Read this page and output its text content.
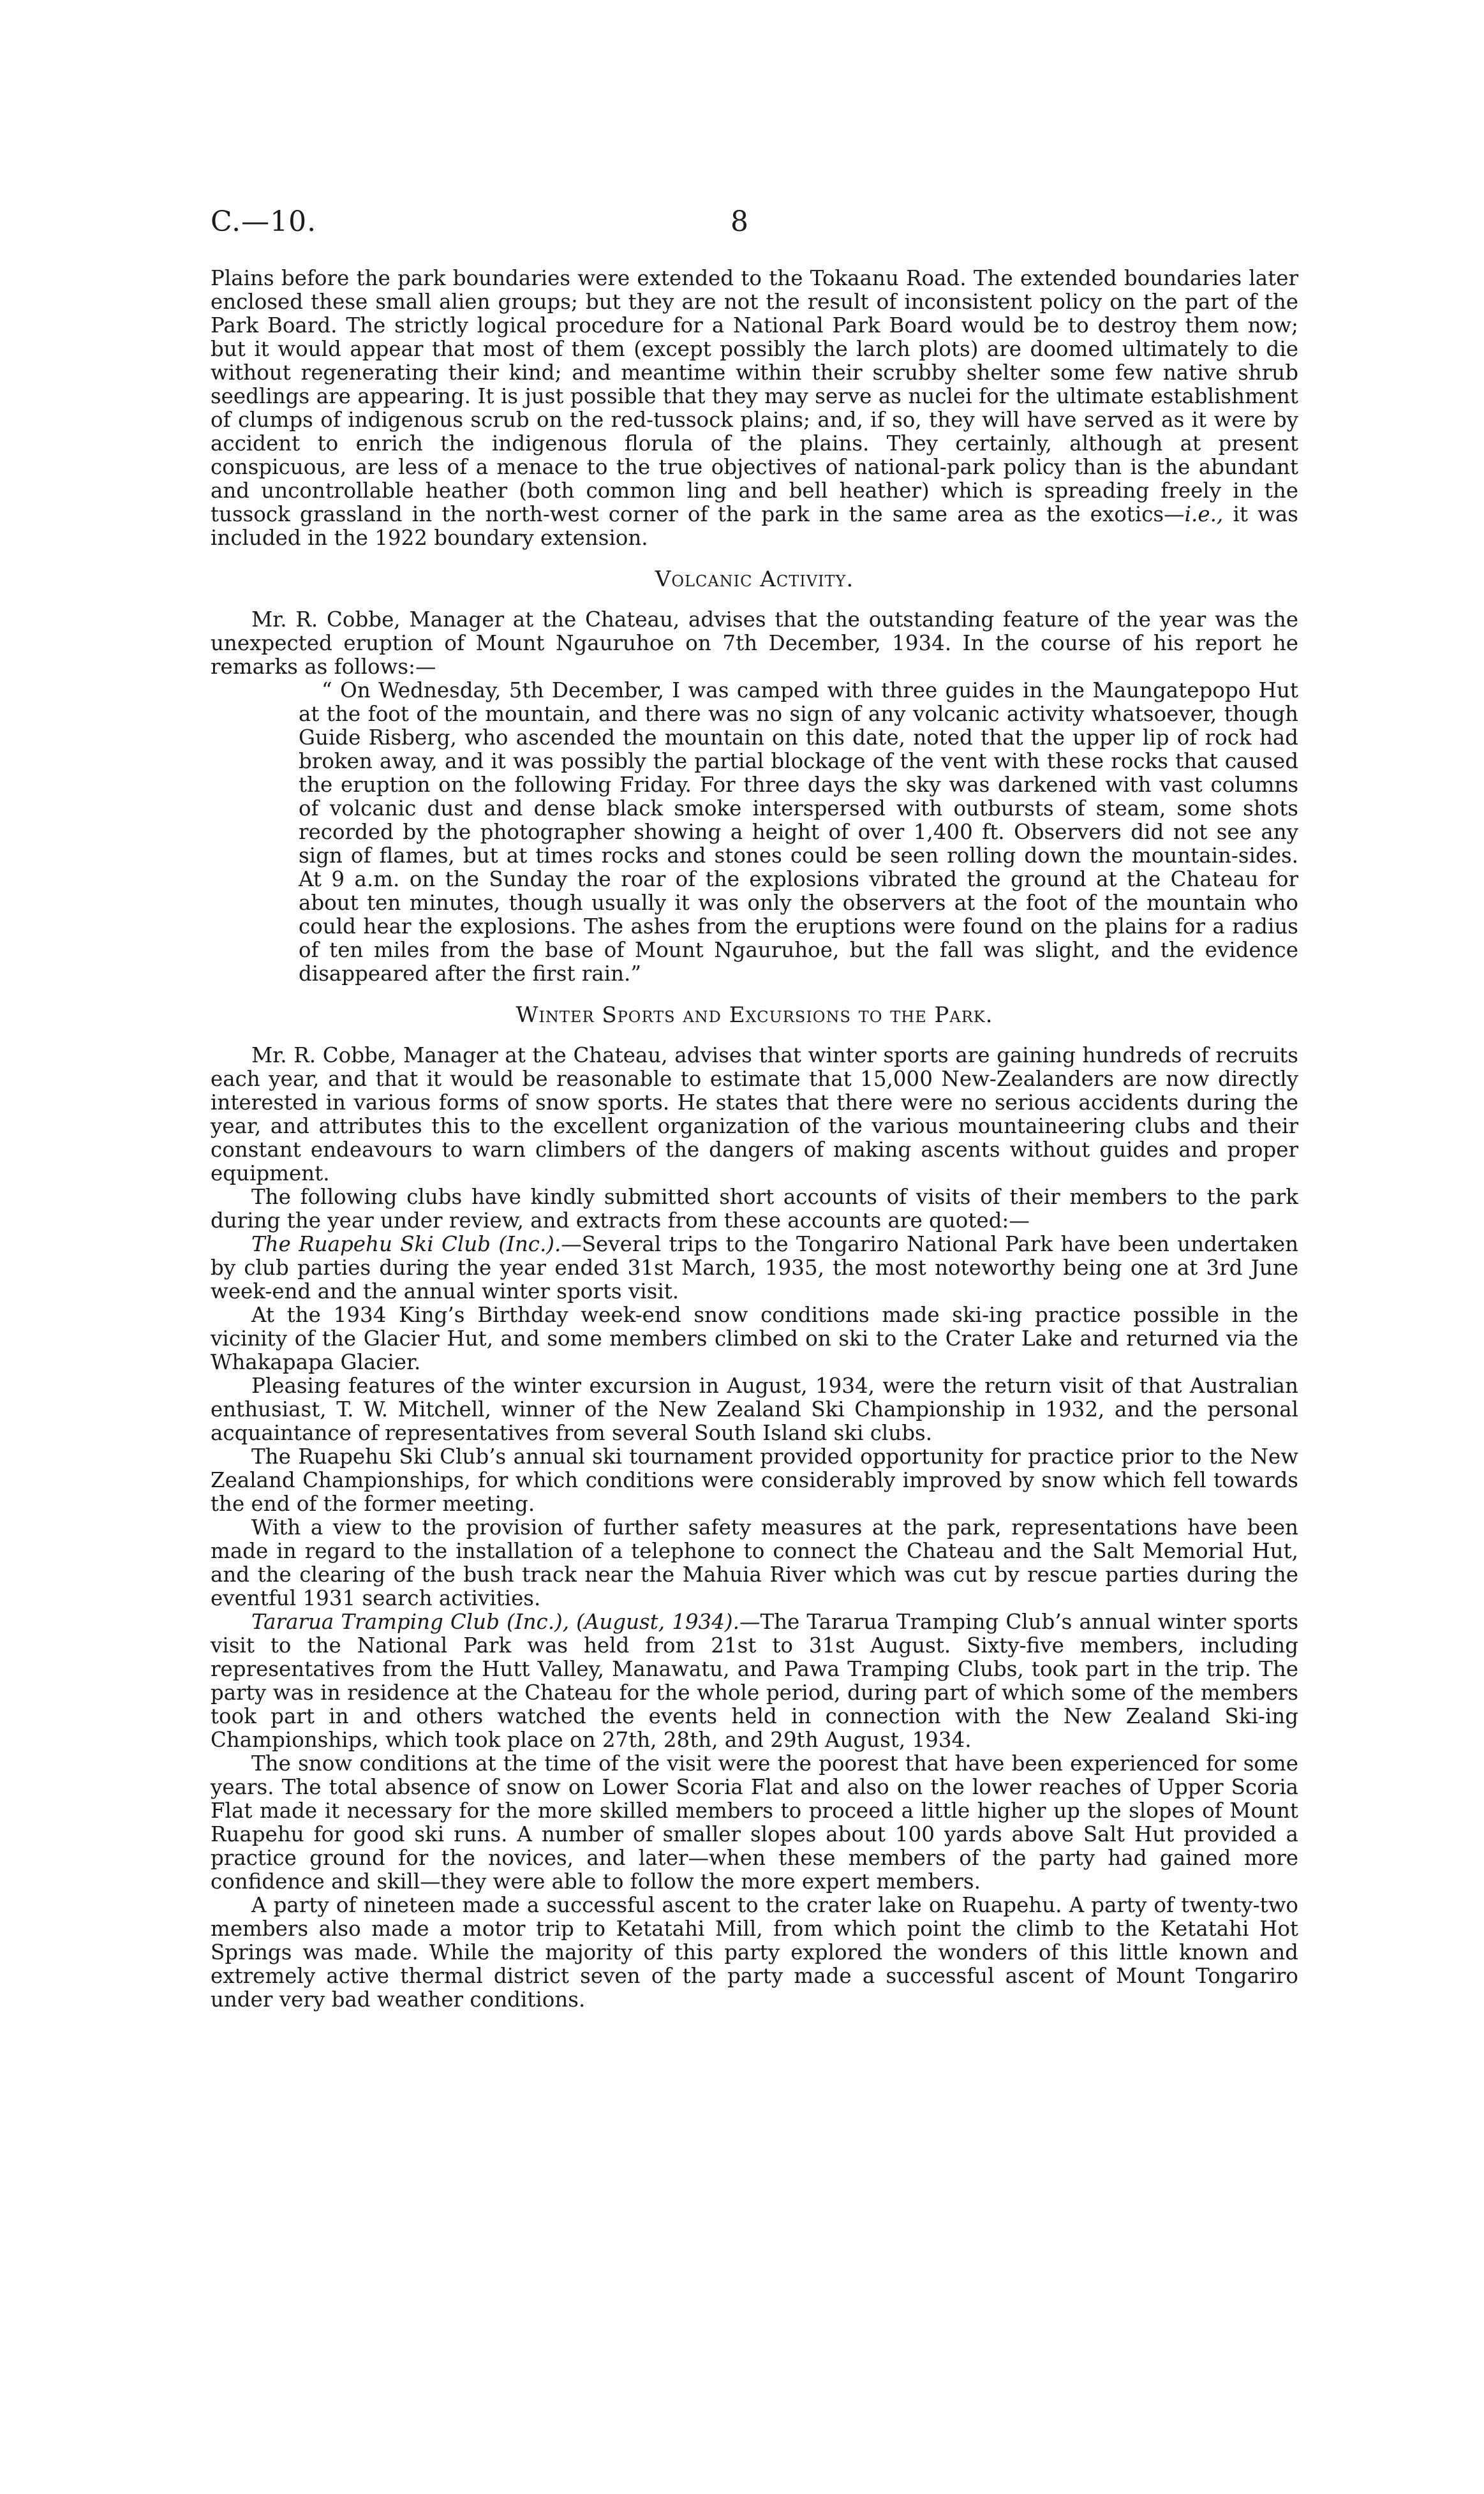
C.—10.	8

Plains before the park boundaries were extended to the Tokaanu Road. The extended boundaries later enclosed these small alien groups; but they are not the result of inconsistent policy on the part of the Park Board. The strictly logical procedure for a National Park Board would be to destroy them now; but it would appear that most of them (except possibly the larch plots) are doomed ultimately to die without regenerating their kind; and meantime within their scrubby shelter some few native shrub seedlings are appearing. It is just possible that they may serve as nuclei for the ultimate establishment of clumps of indigenous scrub on the red-tussock plains; and, if so, they will have served as it were by accident to enrich the indigenous florula of the plains. They certainly, although at present conspicuous, are less of a menace to the true objectives of national-park policy than is the abundant and uncontrollable heather (both common ling and bell heather) which is spreading freely in the tussock grassland in the north-west corner of the park in the same area as the exotics—i.e., it was included in the 1922 boundary extension.

Volcanic Activity.

Mr. R. Cobbe, Manager at the Chateau, advises that the outstanding feature of the year was the unexpected eruption of Mount Ngauruhoe on 7th December, 1934. In the course of his report he remarks as follows:—

“ On Wednesday, 5th December, I was camped with three guides in the Maungatepopo Hut at the foot of the mountain, and there was no sign of any volcanic activity whatsoever, though Guide Risberg, who ascended the mountain on this date, noted that the upper lip of rock had broken away, and it was possibly the partial blockage of the vent with these rocks that caused the eruption on the following Friday. For three days the sky was darkened with vast columns of volcanic dust and dense black smoke interspersed with outbursts of steam, some shots recorded by the photographer showing a height of over 1,400 ft. Observers did not see any sign of flames, but at times rocks and stones could be seen rolling down the mountain-sides. At 9 a.m. on the Sunday the roar of the explosions vibrated the ground at the Chateau for about ten minutes, though usually it was only the observers at the foot of the mountain who could hear the explosions. The ashes from the eruptions were found on the plains for a radius of ten miles from the base of Mount Ngauruhoe, but the fall was slight, and the evidence disappeared after the first rain.”

Winter Sports and Excursions to the Park.

Mr. R. Cobbe, Manager at the Chateau, advises that winter sports are gaining hundreds of recruits each year, and that it would be reasonable to estimate that 15,000 New-Zealanders are now directly interested in various forms of snow sports. He states that there were no serious accidents during the year, and attributes this to the excellent organization of the various mountaineering clubs and their constant endeavours to warn climbers of the dangers of making ascents without guides and proper equipment.

The following clubs have kindly submitted short accounts of visits of their members to the park during the year under review, and extracts from these accounts are quoted:—

The Ruapehu Ski Club (Inc.).—Several trips to the Tongariro National Park have been undertaken by club parties during the year ended 31st March, 1935, the most noteworthy being one at 3rd June week-end and the annual winter sports visit.

At the 1934 King’s Birthday week-end snow conditions made ski-ing practice possible in the vicinity of the Glacier Hut, and some members climbed on ski to the Crater Lake and returned via the Whakapapa Glacier.

Pleasing features of the winter excursion in August, 1934, were the return visit of that Australian enthusiast, T. W. Mitchell, winner of the New Zealand Ski Championship in 1932, and the personal acquaintance of representatives from several South Island ski clubs.

The Ruapehu Ski Club’s annual ski tournament provided opportunity for practice prior to the New Zealand Championships, for which conditions were considerably improved by snow which fell towards the end of the former meeting.

With a view to the provision of further safety measures at the park, representations have been made in regard to the installation of a telephone to connect the Chateau and the Salt Memorial Hut, and the clearing of the bush track near the Mahuia River which was cut by rescue parties during the eventful 1931 search activities.

Tararua Tramping Club (Inc.), (August, 1934).—The Tararua Tramping Club’s annual winter sports visit to the National Park was held from 21st to 31st August. Sixty-five members, including representatives from the Hutt Valley, Manawatu, and Pawa Tramping Clubs, took part in the trip. The party was in residence at the Chateau for the whole period, during part of which some of the members took part in and others watched the events held in connection with the New Zealand Ski-ing Championships, which took place on 27th, 28th, and 29th August, 1934.

The snow conditions at the time of the visit were the poorest that have been experienced for some years. The total absence of snow on Lower Scoria Flat and also on the lower reaches of Upper Scoria Flat made it necessary for the more skilled members to proceed a little higher up the slopes of Mount Ruapehu for good ski runs. A number of smaller slopes about 100 yards above Salt Hut provided a practice ground for the novices, and later—when these members of the party had gained more confidence and skill—they were able to follow the more expert members.

A party of nineteen made a successful ascent to the crater lake on Ruapehu. A party of twenty-two members also made a motor trip to Ketatahi Mill, from which point the climb to the Ketatahi Hot Springs was made. While the majority of this party explored the wonders of this little known and extremely active thermal district seven of the party made a successful ascent of Mount Tongariro under very bad weather conditions.
